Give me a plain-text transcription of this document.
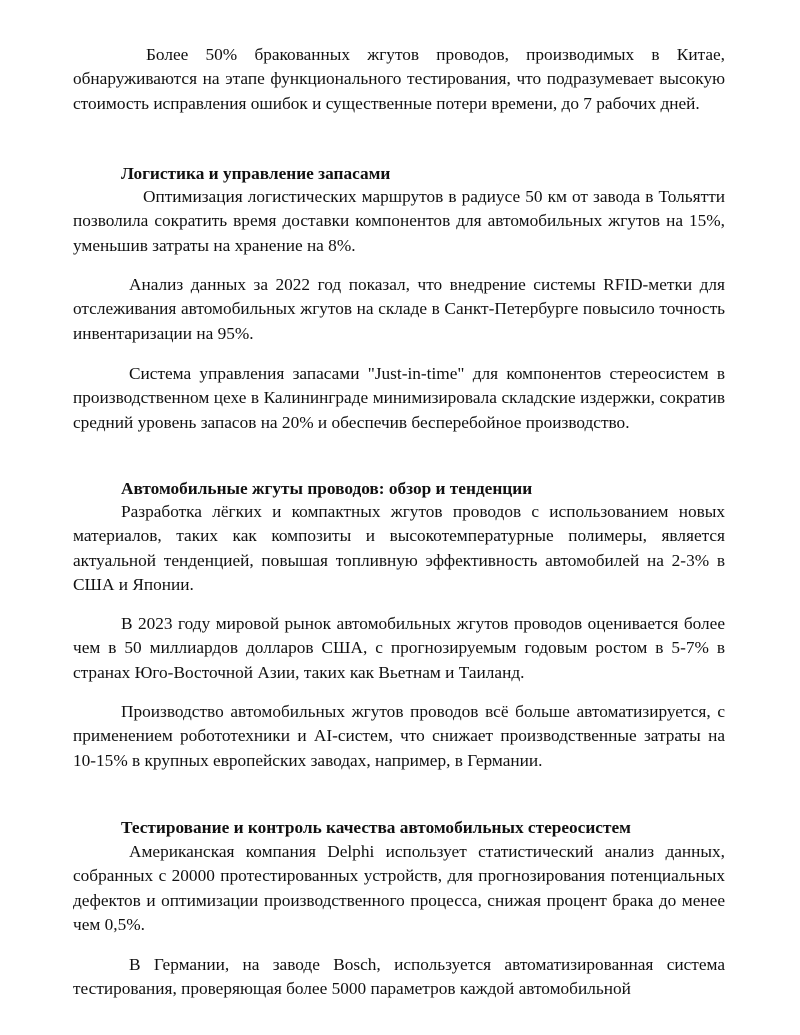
Более 50% бракованных жгутов проводов, производимых в Китае, обнаруживаются на этапе функционального тестирования, что подразумевает высокую стоимость исправления ошибок и существенные потери времени, до 7 рабочих дней.

Логистика и управление запасами

Оптимизация логистических маршрутов в радиусе 50 км от завода в Тольятти позволила сократить время доставки компонентов для автомобильных жгутов на 15%, уменьшив затраты на хранение на 8%.

Анализ данных за 2022 год показал, что внедрение системы RFID-метки для отслеживания автомобильных жгутов на складе в Санкт-Петербурге повысило точность инвентаризации на 95%.

Система управления запасами "Just-in-time" для компонентов стереосистем в производственном цехе в Калининграде минимизировала складские издержки, сократив средний уровень запасов на 20% и обеспечив бесперебойное производство.

Автомобильные жгуты проводов: обзор и тенденции

Разработка лёгких и компактных жгутов проводов с использованием новых материалов, таких как композиты и высокотемпературные полимеры, является актуальной тенденцией, повышая топливную эффективность автомобилей на 2-3% в США и Японии.

В 2023 году мировой рынок автомобильных жгутов проводов оценивается более чем в 50 миллиардов долларов США, с прогнозируемым годовым ростом в 5-7% в странах Юго-Восточной Азии, таких как Вьетнам и Таиланд.

Производство автомобильных жгутов проводов всё больше автоматизируется, с применением робототехники и AI-систем, что снижает производственные затраты на 10-15% в крупных европейских заводах, например, в Германии.

Тестирование и контроль качества автомобильных стереосистем

Американская компания Delphi использует статистический анализ данных, собранных с 20000 протестированных устройств, для прогнозирования потенциальных дефектов и оптимизации производственного процесса, снижая процент брака до менее чем 0,5%.

В Германии, на заводе Bosch, используется автоматизированная система тестирования, проверяющая более 5000 параметров каждой автомобильной
